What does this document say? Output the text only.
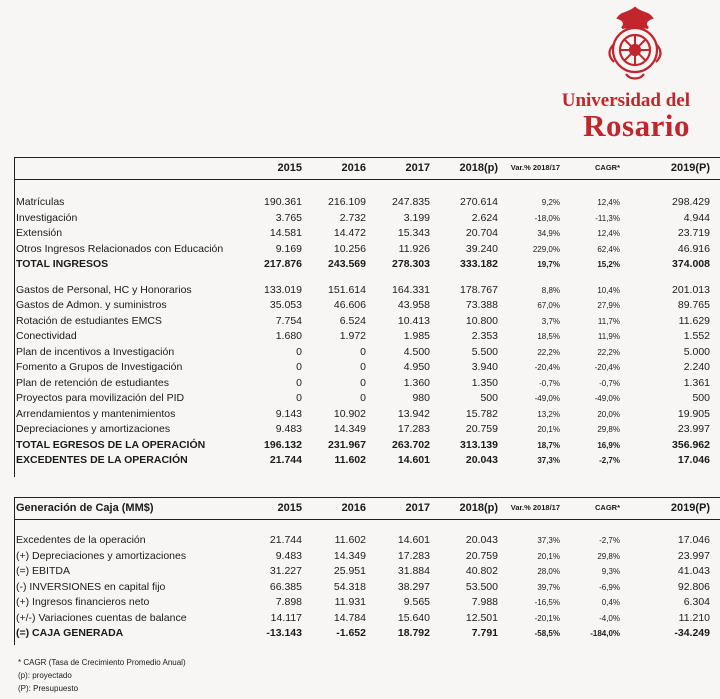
Universidad del
Rosario
2015	2016	2017	2018(p) Var.% 2018/17	CAGR*	2019(P)
Matrículas	190.361 216.109 247.835	270.614	9,2%	12,4%	298.429
Investigación	3.765	2.732	3.199	2.624	-18,0%	-11,3%	4.944
Extensión	14.581	14.472	15.343	20.704	34,9%	12,4%	23.719
Otros Ingresos Relacionados con Educación	9.169	10.256	11.926	39.240	229,0%	62,4%	46.916
TOTAL INGRESOS	217.876 243.569 278.303	333.182	19,7%	15,2%	374.008
Gastos de Personal, HC y Honorarios	133.019 151.614 164.331	178.767	8,8%	10,4%	201.013
Gastos de Admon. y suministros	35.053	46.606	43.958	73.388	67,0%	27,9%	89.765
Rotación de estudiantes EMCS	7.754	6.524	10.413	10.800	3,7%	11,7%	11.629
Conectividad	1.680	1.972	1.985	2.353	18,5%	11,9%	1.552
Plan de incentivos a Investigación	0	0	4.500	5.500	22,2%	22,2%	5.000
Fomento a Grupos de Investigación	0	0	4.950	3.940	-20,4%	-20,4%	2.240
Plan de retención de estudiantes	0	0	1.360	1.350	-0,7%	-0,7%	1.361
Proyectos para movilización del PID	0	0	980	500	-49,0%	-49,0%	500
Arrendamientos y mantenimientos	9.143	10.902	13.942	15.782	13,2%	20,0%	19.905
Depreciaciones y amortizaciones	9.483	14.349	17.283	20.759	20,1%	29,8%	23.997
TOTAL EGRESOS DE LA OPERACIÓN	196.132 231.967 263.702	313.139	18,7%	16,9%	356.962
EXCEDENTES DE LA OPERACIÓN	21.744	11.602	14.601	20.043	37,3%	-2,7%	17.046
Generación de Caja (MM$)	2015	2016	2017	2018(p) Var.% 2018/17	CAGR*	2019(P)
Excedentes de la operación	21.744	11.602	14.601	20.043	37,3%	-2,7%	17.046
(+) Depreciaciones y amortizaciones	9.483	14.349	17.283	20.759	20,1%	29,8%	23.997
(=) EBITDA	31.227	25.951	31.884	40.802	28,0%	9,3%	41.043
(-) INVERSIONES en capital fijo	66.385	54.318	38.297	53.500	39,7%	-6,9%	92.806
(+) Ingresos financieros neto	7.898	11.931	9.565	7.988	-16,5%	0,4%	6.304
(+/-) Variaciones cuentas de balance	14.117	14.784	15.640	12.501	-20,1%	-4,0%	11.210
(=) CAJA GENERADA	-13.143	-1.652	18.792	7.791	-58,5%	-184,0%	-34.249
* CAGR (Tasa de Crecimiento Promedio Anual)
(p): proyectado
(P): Presupuesto
